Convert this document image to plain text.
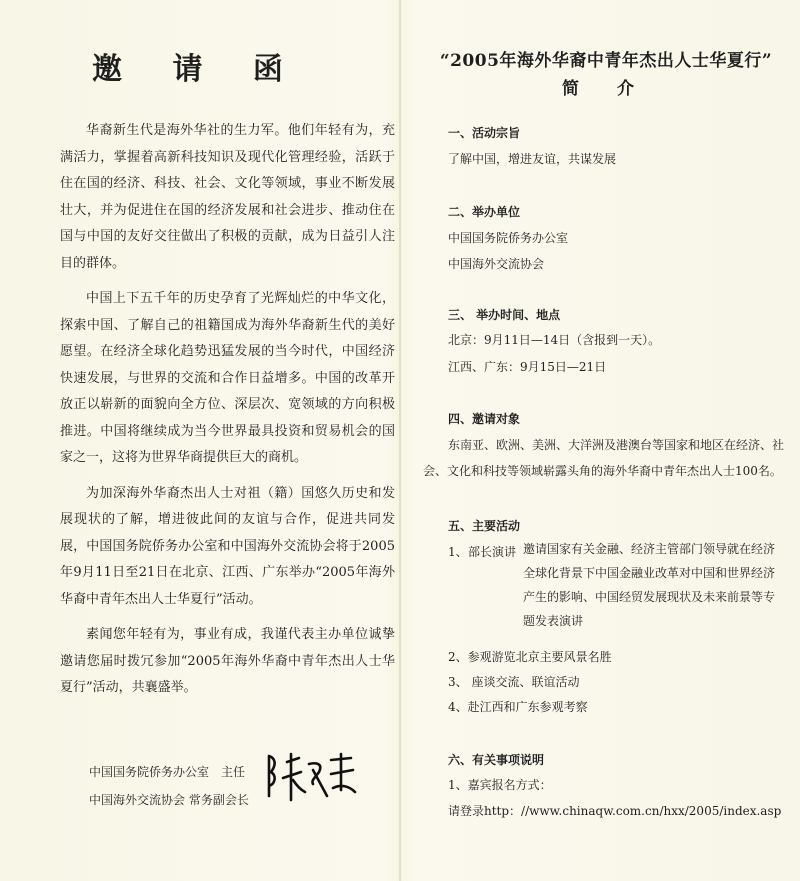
邀 请 函

华裔新生代是海外华社的生力军。他们年轻有为，充满活力，掌握着高新科技知识及现代化管理经验，活跃于住在国的经济、科技、社会、文化等领域，事业不断发展壮大，并为促进住在国的经济发展和社会进步、推动住在国与中国的友好交往做出了积极的贡献，成为日益引人注目的群体。

中国上下五千年的历史孕育了光辉灿烂的中华文化，探索中国、了解自己的祖籍国成为海外华裔新生代的美好愿望。在经济全球化趋势迅猛发展的当今时代，中国经济快速发展，与世界的交流和合作日益增多。中国的改革开放正以崭新的面貌向全方位、深层次、宽领域的方向积极推进。中国将继续成为当今世界最具投资和贸易机会的国家之一，这将为世界华商提供巨大的商机。

为加深海外华裔杰出人士对祖（籍）国悠久历史和发展现状的了解，增进彼此间的友谊与合作，促进共同发展，中国国务院侨务办公室和中国海外交流协会将于2005年9月11日至21日在北京、江西、广东举办“2005年海外华裔中青年杰出人士华夏行”活动。

素闻您年轻有为，事业有成，我谨代表主办单位诚挚邀请您届时拨冗参加“2005年海外华裔中青年杰出人士华夏行”活动，共襄盛举。

中国国务院侨务办公室　主任
中国海外交流协会 常务副会长
“2005年海外华裔中青年杰出人士华夏行”
简 介
一、活动宗旨
了解中国，增进友谊，共谋发展
二、举办单位
中国国务院侨务办公室
中国海外交流协会
三、 举办时间、地点
北京：9月11日—14日（含报到一天）。
江西、广东：9月15日—21日
四、邀请对象
东南亚、欧洲、美洲、大洋洲及港澳台等国家和地区在经济、社
会、文化和科技等领域崭露头角的海外华裔中青年杰出人士100名。
五、主要活动
1、 部长演讲 邀请国家有关金融、经济主管部门领导就在经济全球化背景下中国金融业改革对中国和世界经济产生的影响、中国经贸发展现状及未来前景等专题发表演讲
2、参观游览北京主要风景名胜
3、 座谈交流、联谊活动
4、赴江西和广东参观考察
六、有关事项说明
1、嘉宾报名方式：
请登录http：//www.chinaqw.com.cn/hxx/2005/index.asp
